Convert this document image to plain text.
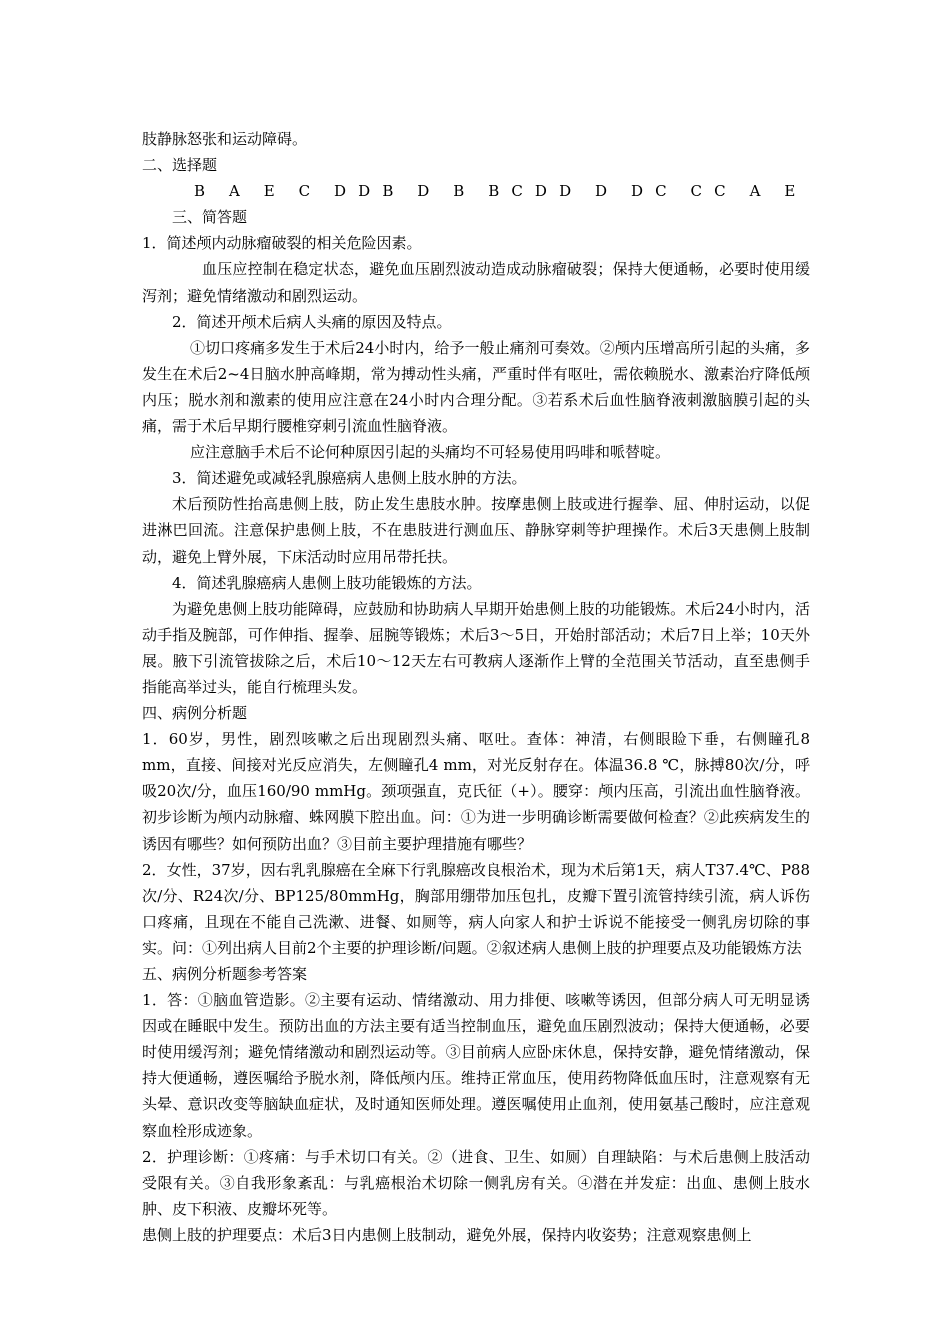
肢静脉怒张和运动障碍。

二、选择题

B  A  E  C  D D B  D  B  B C D D  D  D C  C C  A  E

三、简答题

1．简述颅内动脉瘤破裂的相关危险因素。

血压应控制在稳定状态，避免血压剧烈波动造成动脉瘤破裂；保持大便通畅，必要时使用缓泻剂；避免情绪激动和剧烈运动。

2．简述开颅术后病人头痛的原因及特点。

①切口疼痛多发生于术后24小时内，给予一般止痛剂可奏效。②颅内压增高所引起的头痛，多发生在术后2~4日脑水肿高峰期，常为搏动性头痛，严重时伴有呕吐，需依赖脱水、激素治疗降低颅内压；脱水剂和激素的使用应注意在24小时内合理分配。③若系术后血性脑脊液刺激脑膜引起的头痛，需于术后早期行腰椎穿刺引流血性脑脊液。

应注意脑手术后不论何种原因引起的头痛均不可轻易使用吗啡和哌替啶。

3．简述避免或减轻乳腺癌病人患侧上肢水肿的方法。

术后预防性抬高患侧上肢，防止发生患肢水肿。按摩患侧上肢或进行握拳、屈、伸肘运动，以促进淋巴回流。注意保护患侧上肢，不在患肢进行测血压、静脉穿刺等护理操作。术后3天患侧上肢制动，避免上臂外展，下床活动时应用吊带托扶。

4．简述乳腺癌病人患侧上肢功能锻炼的方法。

为避免患侧上肢功能障碍，应鼓励和协助病人早期开始患侧上肢的功能锻炼。术后24小时内，活动手指及腕部，可作伸指、握拳、屈腕等锻炼；术后3～5日，开始肘部活动；术后7日上举；10天外展。腋下引流管拔除之后，术后10～12天左右可教病人逐渐作上臂的全范围关节活动，直至患侧手指能高举过头，能自行梳理头发。

四、病例分析题

1．60岁，男性，剧烈咳嗽之后出现剧烈头痛、呕吐。查体：神清，右侧眼睑下垂，右侧瞳孔8 mm，直接、间接对光反应消失，左侧瞳孔4 mm，对光反射存在。体温36.8 ℃，脉搏80次/分，呼吸20次/分，血压160/90 mmHg。颈项强直，克氏征（+）。腰穿：颅内压高，引流出血性脑脊液。初步诊断为颅内动脉瘤、蛛网膜下腔出血。问：①为进一步明确诊断需要做何检查？②此疾病发生的诱因有哪些？如何预防出血？③目前主要护理措施有哪些？

2．女性，37岁，因右乳乳腺癌在全麻下行乳腺癌改良根治术，现为术后第1天，病人T37.4℃、P88次/分、R24次/分、BP125/80mmHg，胸部用绷带加压包扎，皮瓣下置引流管持续引流，病人诉伤口疼痛，且现在不能自己洗漱、进餐、如厕等，病人向家人和护士诉说不能接受一侧乳房切除的事实。问：①列出病人目前2个主要的护理诊断/问题。②叙述病人患侧上肢的护理要点及功能锻炼方法

五、病例分析题参考答案

1．答：①脑血管造影。②主要有运动、情绪激动、用力排便、咳嗽等诱因，但部分病人可无明显诱因或在睡眠中发生。预防出血的方法主要有适当控制血压，避免血压剧烈波动；保持大便通畅，必要时使用缓泻剂；避免情绪激动和剧烈运动等。③目前病人应卧床休息，保持安静，避免情绪激动，保持大便通畅，遵医嘱给予脱水剂，降低颅内压。维持正常血压，使用药物降低血压时，注意观察有无头晕、意识改变等脑缺血症状，及时通知医师处理。遵医嘱使用止血剂，使用氨基己酸时，应注意观察血栓形成迹象。

2．护理诊断：①疼痛：与手术切口有关。②（进食、卫生、如厕）自理缺陷：与术后患侧上肢活动受限有关。③自我形象紊乱：与乳癌根治术切除一侧乳房有关。④潜在并发症：出血、患侧上肢水肿、皮下积液、皮瓣坏死等。

患侧上肢的护理要点：术后3日内患侧上肢制动，避免外展，保持内收姿势；注意观察患侧上
